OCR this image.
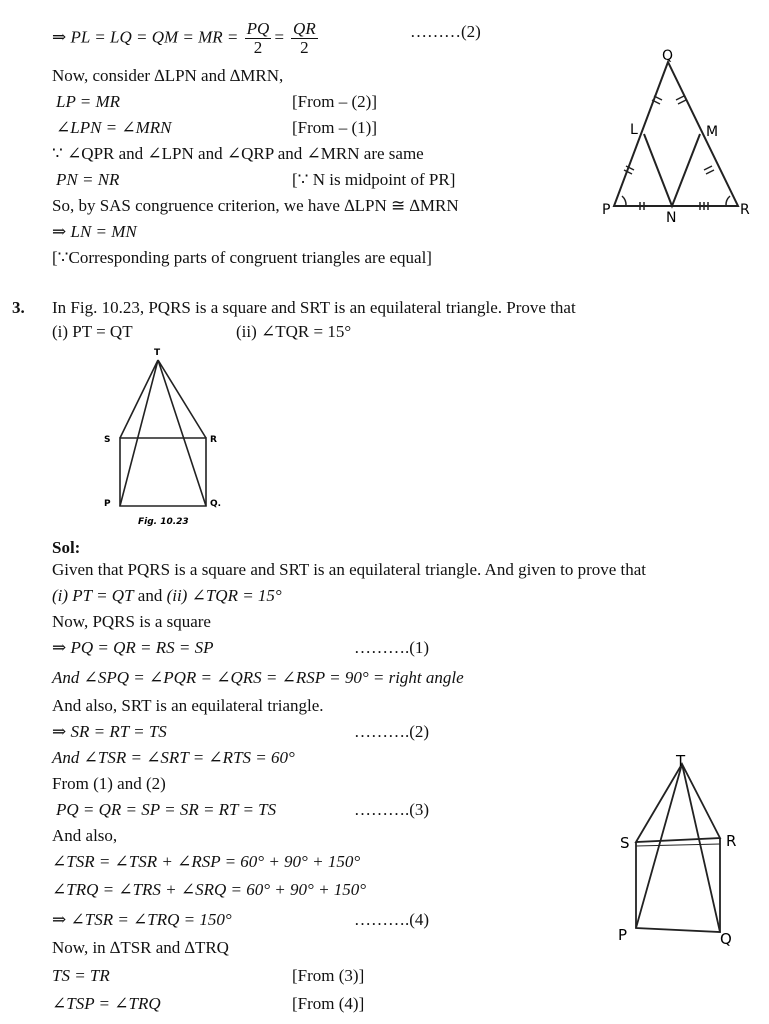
⇒ PL = LQ = QM = MR = $\frac{PQ}{2} = \frac{QR}{2}$	………(2)
Now, consider ∆LPN and ∆MRN,
LP = MR	[From – (2)]
∠LPN = ∠MRN	[From – (1)]
∵ ∠QPR and ∠LPN and ∠QRP and ∠MRN are same
PN = NR	[∵ N is midpoint of PR]
So, by SAS congruence criterion, we have ∆LPN ≅ ∆MRN
⇒ LN = MN
[∵Corresponding parts of congruent triangles are equal]
Q
L	M
P	N	R
3. In Fig. 10.23, PQRS is a square and SRT is an equilateral triangle. Prove that
(i) PT = QT	(ii) ∠TQR = 15°
T
S	R
P	Q.
Fig. 10.23
Sol:
Given that PQRS is a square and SRT is an equilateral triangle. And given to prove that
(i) PT = QT and (ii) ∠TQR = 15°
Now, PQRS is a square
⇒ PQ = QR = RS = SP	……….(1)
And ∠SPQ = ∠PQR = ∠QRS = ∠RSP = 90° = right angle
And also, SRT is an equilateral triangle.
⇒ SR = RT = TS	……….(2)
And ∠TSR = ∠SRT = ∠RTS = 60°
From (1) and (2)
PQ = QR = SP = SR = RT = TS	……….(3)
And also,
∠TSR = ∠TSR + ∠RSP = 60° + 90° + 150°
∠TRQ = ∠TRS + ∠SRQ = 60° + 90° + 150°
⇒ ∠TSR = ∠TRQ = 150°	……….(4)
Now, in ∆TSR and ∆TRQ
TS = TR	[From (3)]
∠TSP = ∠TRQ	[From (4)]
T
S	R
P	Q
